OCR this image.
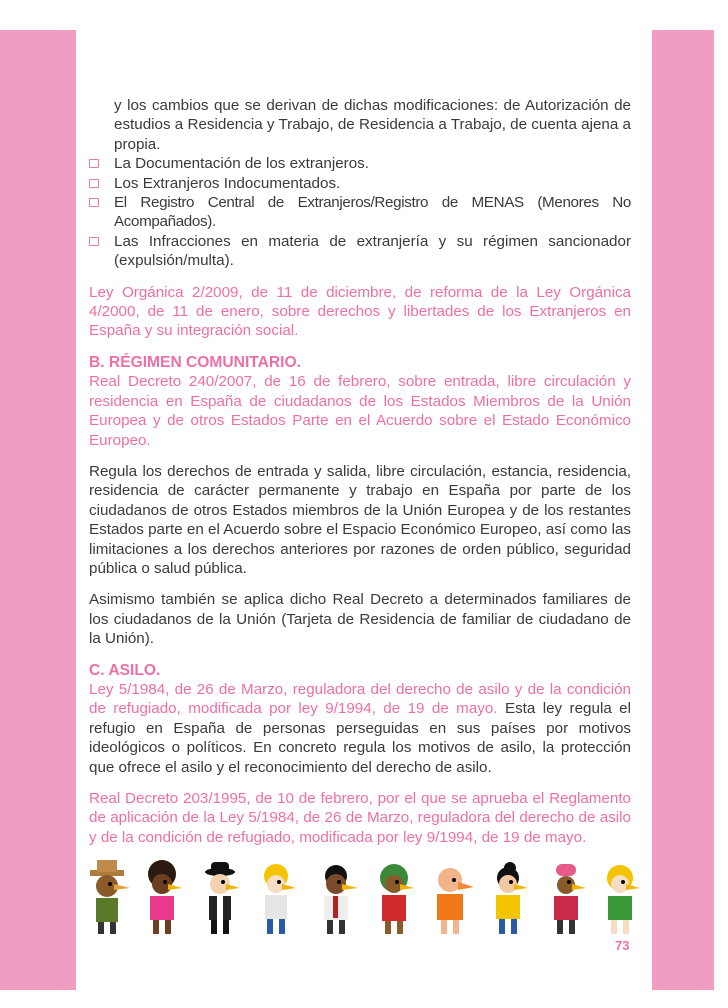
y los cambios que se derivan de dichas modificaciones: de Autorización de estudios a Residencia y Trabajo, de Residencia a Trabajo, de cuenta ajena a propia.

La Documentación de los extranjeros.
Los Extranjeros Indocumentados.
El Registro Central de Extranjeros/Registro de MENAS (Menores No Acompañados).
Las Infracciones en materia de extranjería y su régimen sancionador (expulsión/multa).

Ley Orgánica 2/2009, de 11 de diciembre, de reforma de la Ley Orgánica 4/2000, de 11 de enero, sobre derechos y libertades de los Extranjeros en España y su integración social.

B. RÉGIMEN COMUNITARIO.

Real Decreto 240/2007, de 16 de febrero, sobre entrada, libre circulación y residencia en España de ciudadanos de los Estados Miembros de la Unión Europea y de otros Estados Parte en el Acuerdo sobre el Estado Económico Europeo.

Regula los derechos de entrada y salida, libre circulación, estancia, residencia, residencia de carácter permanente y trabajo en España por parte de los ciudadanos de otros Estados miembros de la Unión Europea y de los restantes Estados parte en el Acuerdo sobre el Espacio Económico Europeo, así como las limitaciones a los derechos anteriores por razones de orden público, seguridad pública o salud pública.

Asimismo también se aplica dicho Real Decreto a determinados familiares de los ciudadanos de la Unión (Tarjeta de Residencia de familiar de ciudadano de la Unión).

C. ASILO.

Ley 5/1984, de 26 de Marzo, reguladora del derecho de asilo y de la condición de refugiado, modificada por ley 9/1994, de 19 de mayo. Esta ley regula el refugio en España de personas perseguidas en sus países por motivos ideológicos o políticos. En concreto regula los motivos de asilo, la protección que ofrece el asilo y el reconocimiento del derecho de asilo.

Real Decreto 203/1995, de 10 de febrero, por el que se aprueba el Reglamento de aplicación de la Ley 5/1984, de 26 de Marzo, reguladora del derecho de asilo y de la condición de refugiado, modificada por ley 9/1994, de 19 de mayo.

73
